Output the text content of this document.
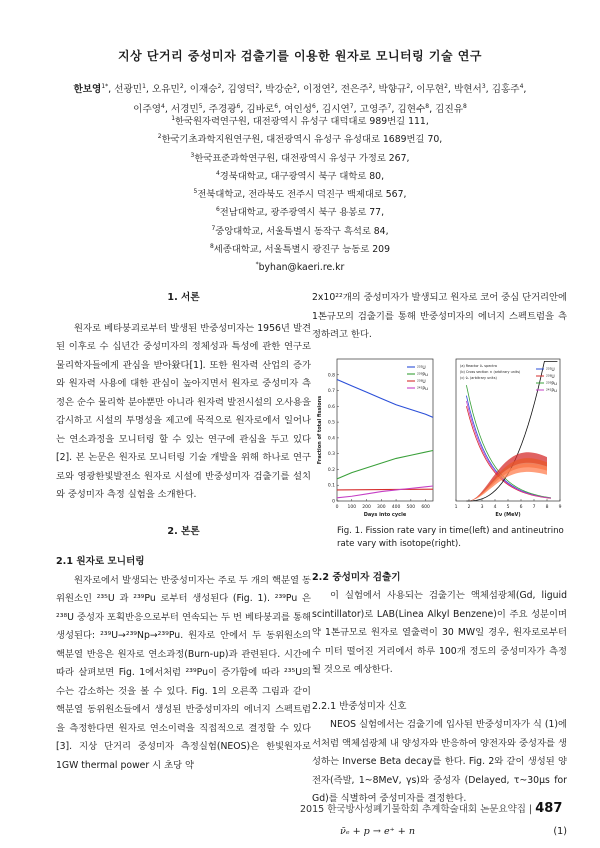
지상 단거리 중성미자 검출기를 이용한 원자로 모니터링 기술 연구
한보영$^{1*}$, 선광민$^1$, 오유민$^2$, 이재승$^2$, 김영덕$^2$, 박강순$^2$, 이정연$^2$, 전은주$^2$, 박향규$^2$, 이무현$^2$, 박현서$^3$, 김홍주$^4$,
이주영$^4$, 서경민$^5$, 주경광$^6$, 김바로$^6$, 여인성$^6$, 김시연$^7$, 고영주$^7$, 김현수$^8$, 김진유$^8$
$^1$한국원자력연구원, 대전광역시 유성구 대덕대로 989번길 111,
$^2$한국기초과학지원연구원, 대전광역시 유성구 유성대로 1689번길 70,
$^3$한국표준과학연구원, 대전광역시 유성구 가정로 267,
$^4$경북대학교, 대구광역시 북구 대학로 80,
$^5$전북대학교, 전라북도 전주시 덕진구 백제대로 567,
$^6$전남대학교, 광주광역시 북구 용봉로 77,
$^7$중앙대학교, 서울특별시 동작구 흑석로 84,
$^8$세종대학교, 서울특별시 광진구 능동로 209
*byhan@kaeri.re.kr
1. 서론

원자로 베타붕괴로부터 발생된 반중성미자는 1956년 발견된 이후로 수 십년간 중성미자의 정체성과 특성에 관한 연구로 물리학자들에게 관심을 받아왔다[1]. 또한 원자력 산업의 증가와 원자력 사용에 대한 관심이 높아지면서 원자로 중성미자 측정은 순수 물리학 분야뿐만 아니라 원자력 발전시설의 오사용을 감시하고 시설의 투명성을 제고에 목적으로 원자로에서 일어나는 연소과정을 모니터링 할 수 있는 연구에 관심을 두고 있다[2]. 본 논문은 원자로 모니터링 기술 개발을 위해 하나로 연구로와 영광한빛발전소 원자로 시설에 반중성미자 검출기를 설치와 중성미자 측정 실험을 소개한다.

2. 본론
2.1 원자로 모니터링

원자로에서 발생되는 반중성미자는 주로 두 개의 핵분열 동위원소인 ²³⁵U 과 ²³⁹Pu 로부터 생성된다 (Fig. 1). ²³⁹Pu 은 ²³⁸U 중성자 포획반응으로부터 연속되는 두 번 베타붕괴를 통해 생성된다: ²³⁹U→²³⁹Np→²³⁹Pu. 원자로 안에서 두 동위원소의 핵분열 반응은 원자로 연소과정(Burn-up)과 관련된다. 시간에 따라 살펴보면 Fig. 1에서처럼 ²³⁹Pu이 증가함에 따라 ²³⁵U의 수는 감소하는 것을 볼 수 있다. Fig. 1의 오른쪽 그림과 같이 핵분열 동위원소들에서 생성된 반중성미자의 에너지 스펙트럼을 측정한다면 원자로 연소이력을 직접적으로 결정할 수 있다 [3]. 지상 단거리 중성미자 측정실험(NEOS)은 한빛원자로 1GW thermal power 시 초당 약

2x10²²개의 중성미자가 발생되고 원자로 코어 중심 단거리안에 1톤규모의 검출기를 통해 반중성미자의 에너지 스펙트럼을 측정하려고 한다.

0 100 200 300 400 500 600
0
0.1
0.2
0.3
0.4
0.5
0.6
0.7
0.8
Days into cycle
Fraction of total fissions
²³⁵U
²³⁹Pu
²³⁸U
²⁴¹Pu
1 2 3 4 5 6 7 8 9
Eν (MeV)
(a) Reactor ν̄ₑ spectra
(b) Cross section × (arbitrary units)
(c) ν̄ₑ (arbitrary units)
²³⁵U
²³⁸U
²³⁹Pu
²⁴¹Pu
Fig. 1. Fission rate vary in time(left) and antineutrino rate vary with isotope(right).
2.2 중성미자 검출기

이 실험에서 사용되는 검출기는 액체섬광체(Gd, liguid scintillator)로 LAB(Linea Alkyl Benzene)이 주요 성분이며 약 1톤규모로 원자로 열출력이 30 MW일 경우, 원자로로부터 수 미터 떨어진 거리에서 하루 100개 정도의 중성미자가 측정될 것으로 예상한다.

2.2.1 반중성미자 신호

NEOS 실험에서는 검출기에 입사된 반중성미자가 식 (1)에서처럼 액체섬광체 내 양성자와 반응하여 양전자와 중성자를 생성하는 Inverse Beta decay를 한다. Fig. 2와 같이 생성된 양전자(즉발, 1~8MeV, γs)와 중성자 (Delayed, τ~30μs for Gd)를 식별하여 중성미자를 결정한다.

ν̄ₑ + p → e⁺ + n	(1)
2015 한국방사성폐기물학회 추계학술대회 논문요약집 | 487
